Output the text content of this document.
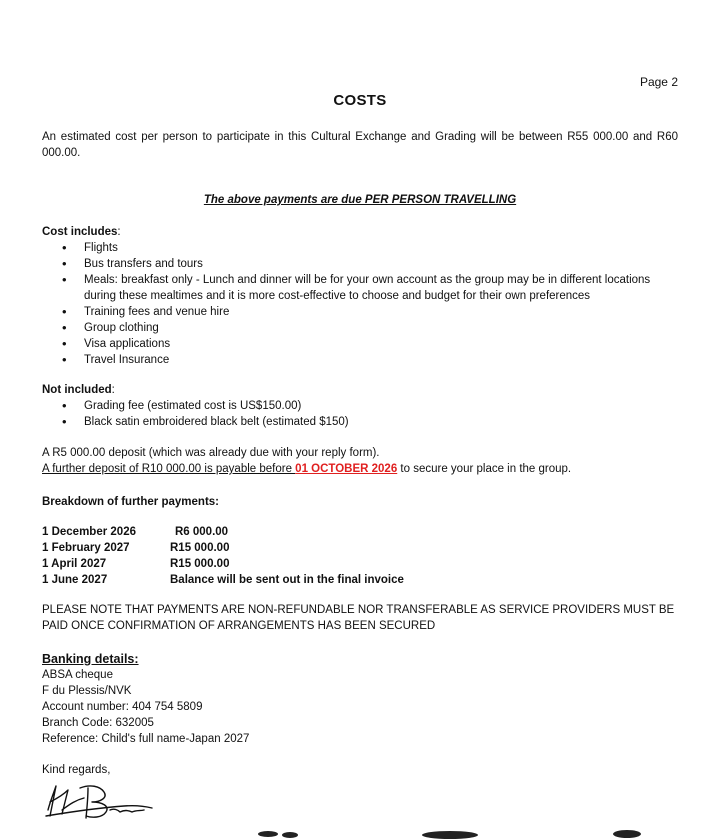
Page 2
COSTS
An estimated cost per person to participate in this Cultural Exchange and Grading will be between R55 000.00 and R60 000.00.
The above payments are due PER PERSON TRAVELLING
Cost includes:
• Flights
• Bus transfers and tours
• Meals: breakfast only - Lunch and dinner will be for your own account as the group may be in different locations during these mealtimes and it is more cost-effective to choose and budget for their own preferences
• Training fees and venue hire
• Group clothing
• Visa applications
• Travel Insurance
Not included:
• Grading fee (estimated cost is US$150.00)
• Black satin embroidered black belt (estimated $150)
A R5 000.00 deposit (which was already due with your reply form).
A further deposit of R10 000.00 is payable before 01 OCTOBER 2026 to secure your place in the group.
Breakdown of further payments:
1 December 2026	R6 000.00
1 February 2027	R15 000.00
1 April 2027	R15 000.00
1 June 2027	Balance will be sent out in the final invoice
PLEASE NOTE THAT PAYMENTS ARE NON-REFUNDABLE NOR TRANSFERABLE AS SERVICE PROVIDERS MUST BE PAID ONCE CONFIRMATION OF ARRANGEMENTS HAS BEEN SECURED
Banking details:
ABSA cheque
F du Plessis/NVK
Account number: 404 754 5809
Branch Code: 632005
Reference: Child's full name-Japan 2027
Kind regards,
